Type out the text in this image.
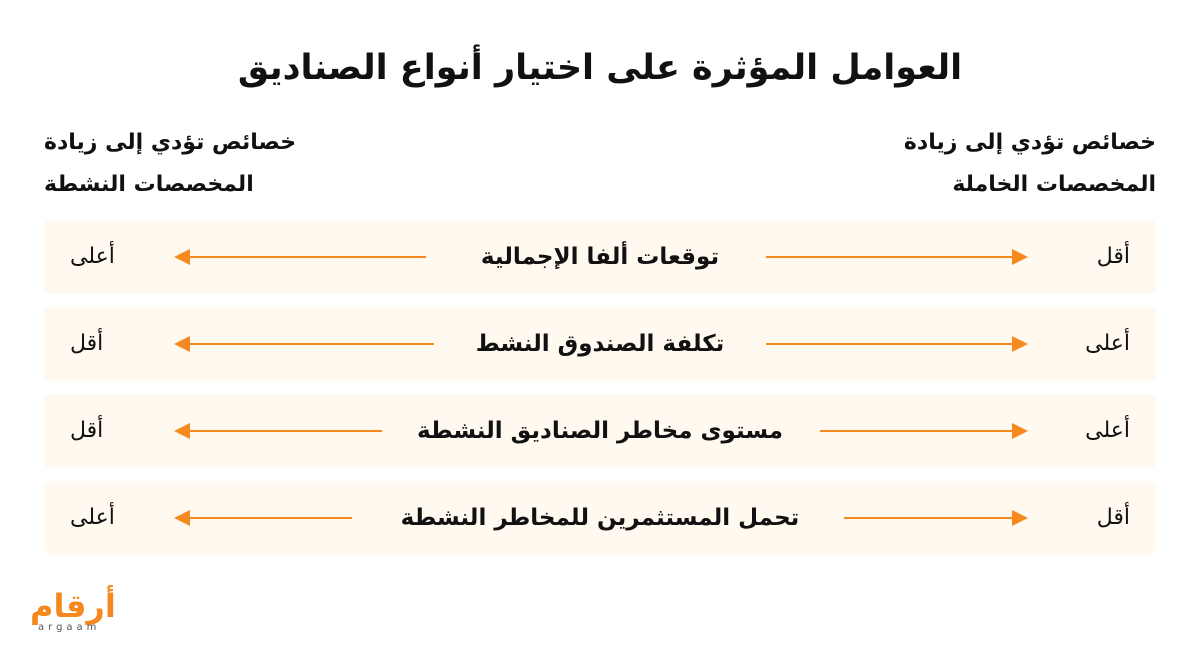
العوامل المؤثرة على اختيار أنواع الصناديق
خصائص تؤدي إلى زيادة
المخصصات الخاملة
خصائص تؤدي إلى زيادة
المخصصات النشطة
أقل
توقعات ألفا الإجمالية
أعلى
أعلى
تكلفة الصندوق النشط
أقل
أعلى
مستوى مخاطر الصناديق النشطة
أقل
أقل
تحمل المستثمرين للمخاطر النشطة
أعلى
أرقام
argaam
